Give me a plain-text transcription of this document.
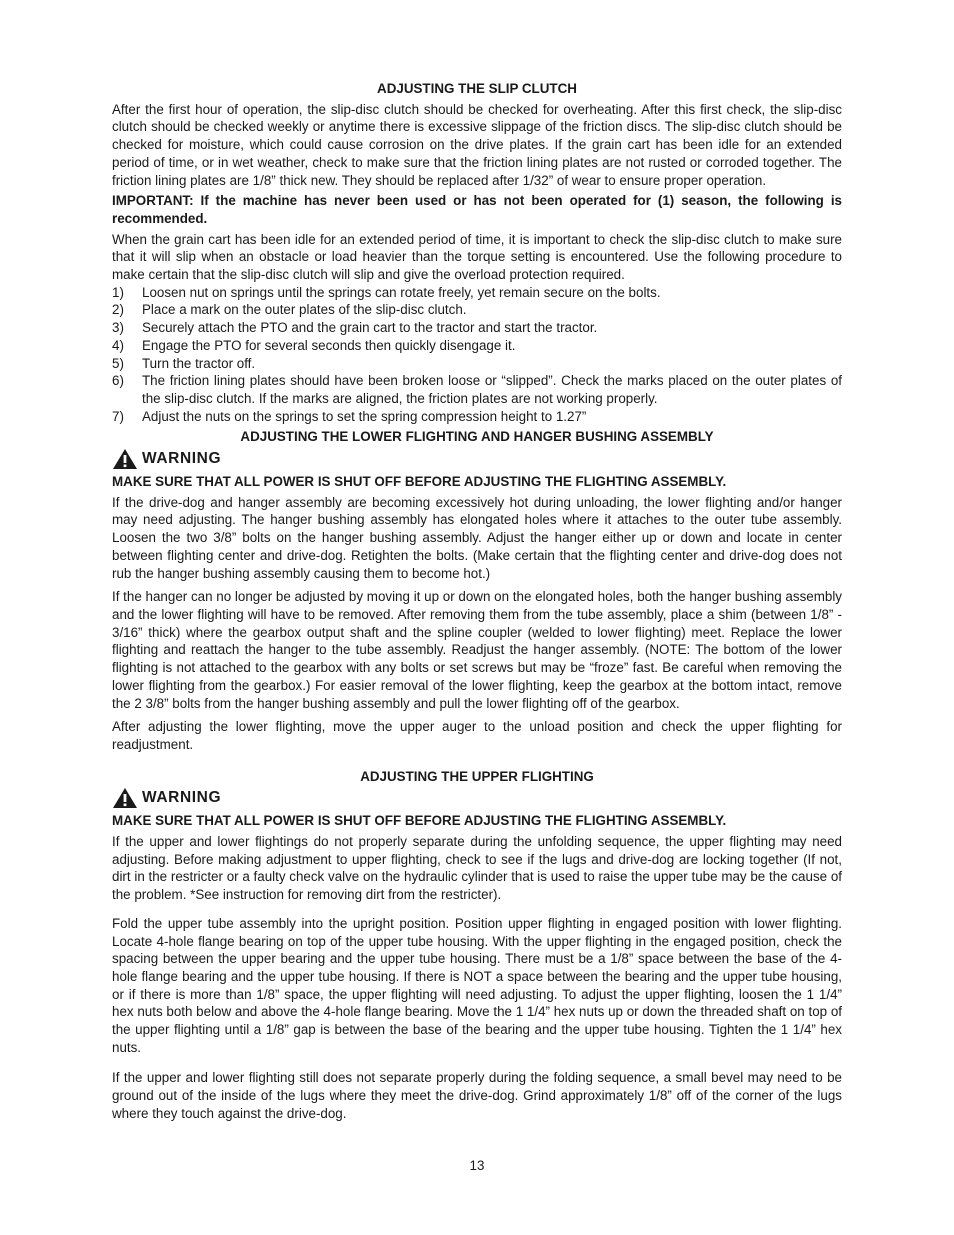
ADJUSTING THE SLIP CLUTCH

After the first hour of operation, the slip-disc clutch should be checked for overheating. After this first check, the slip-disc clutch should be checked weekly or anytime there is excessive slippage of the friction discs. The slip-disc clutch should be checked for moisture, which could cause corrosion on the drive plates. If the grain cart has been idle for an extended period of time, or in wet weather, check to make sure that the friction lining plates are not rusted or corroded together. The friction lining plates are 1/8” thick new. They should be replaced after 1/32” of wear to ensure proper operation.

IMPORTANT: If the machine has never been used or has not been operated for (1) season, the following is recommended.

When the grain cart has been idle for an extended period of time, it is important to check the slip-disc clutch to make sure that it will slip when an obstacle or load heavier than the torque setting is encountered. Use the following procedure to make certain that the slip-disc clutch will slip and give the overload protection required.

1) Loosen nut on springs until the springs can rotate freely, yet remain secure on the bolts.
2) Place a mark on the outer plates of the slip-disc clutch.
3) Securely attach the PTO and the grain cart to the tractor and start the tractor.
4) Engage the PTO for several seconds then quickly disengage it.
5) Turn the tractor off.
6) The friction lining plates should have been broken loose or “slipped”. Check the marks placed on the outer plates of the slip-disc clutch. If the marks are aligned, the friction plates are not working properly.
7) Adjust the nuts on the springs to set the spring compression height to 1.27”

ADJUSTING THE LOWER FLIGHTING AND HANGER BUSHING ASSEMBLY

WARNING

MAKE SURE THAT ALL POWER IS SHUT OFF BEFORE ADJUSTING THE FLIGHTING ASSEMBLY.

If the drive-dog and hanger assembly are becoming excessively hot during unloading, the lower flighting and/or hanger may need adjusting. The hanger bushing assembly has elongated holes where it attaches to the outer tube assembly. Loosen the two 3/8” bolts on the hanger bushing assembly. Adjust the hanger either up or down and locate in center between flighting center and drive-dog. Retighten the bolts. (Make certain that the flighting center and drive-dog does not rub the hanger bushing assembly causing them to become hot.)

If the hanger can no longer be adjusted by moving it up or down on the elongated holes, both the hanger bushing assembly and the lower flighting will have to be removed. After removing them from the tube assembly, place a shim (between 1/8” - 3/16” thick) where the gearbox output shaft and the spline coupler (welded to lower flighting) meet. Replace the lower flighting and reattach the hanger to the tube assembly. Readjust the hanger assembly. (NOTE: The bottom of the lower flighting is not attached to the gearbox with any bolts or set screws but may be “froze” fast. Be careful when removing the lower flighting from the gearbox.) For easier removal of the lower flighting, keep the gearbox at the bottom intact, remove the 2 3/8” bolts from the hanger bushing assembly and pull the lower flighting off of the gearbox.

After adjusting the lower flighting, move the upper auger to the unload position and check the upper flighting for readjustment.

ADJUSTING THE UPPER FLIGHTING

WARNING

MAKE SURE THAT ALL POWER IS SHUT OFF BEFORE ADJUSTING THE FLIGHTING ASSEMBLY.

If the upper and lower flightings do not properly separate during the unfolding sequence, the upper flighting may need adjusting. Before making adjustment to upper flighting, check to see if the lugs and drive-dog are locking together (If not, dirt in the restricter or a faulty check valve on the hydraulic cylinder that is used to raise the upper tube may be the cause of the problem. *See instruction for removing dirt from the restricter).

Fold the upper tube assembly into the upright position. Position upper flighting in engaged position with lower flighting. Locate 4-hole flange bearing on top of the upper tube housing. With the upper flighting in the engaged position, check the spacing between the upper bearing and the upper tube housing. There must be a 1/8” space between the base of the 4-hole flange bearing and the upper tube housing. If there is NOT a space between the bearing and the upper tube housing, or if there is more than 1/8” space, the upper flighting will need adjusting. To adjust the upper flighting, loosen the 1 1/4” hex nuts both below and above the 4-hole flange bearing. Move the 1 1/4” hex nuts up or down the threaded shaft on top of the upper flighting until a 1/8” gap is between the base of the bearing and the upper tube housing. Tighten the 1 1/4” hex nuts.

If the upper and lower flighting still does not separate properly during the folding sequence, a small bevel may need to be ground out of the inside of the lugs where they meet the drive-dog. Grind approximately 1/8” off of the corner of the lugs where they touch against the drive-dog.

13
